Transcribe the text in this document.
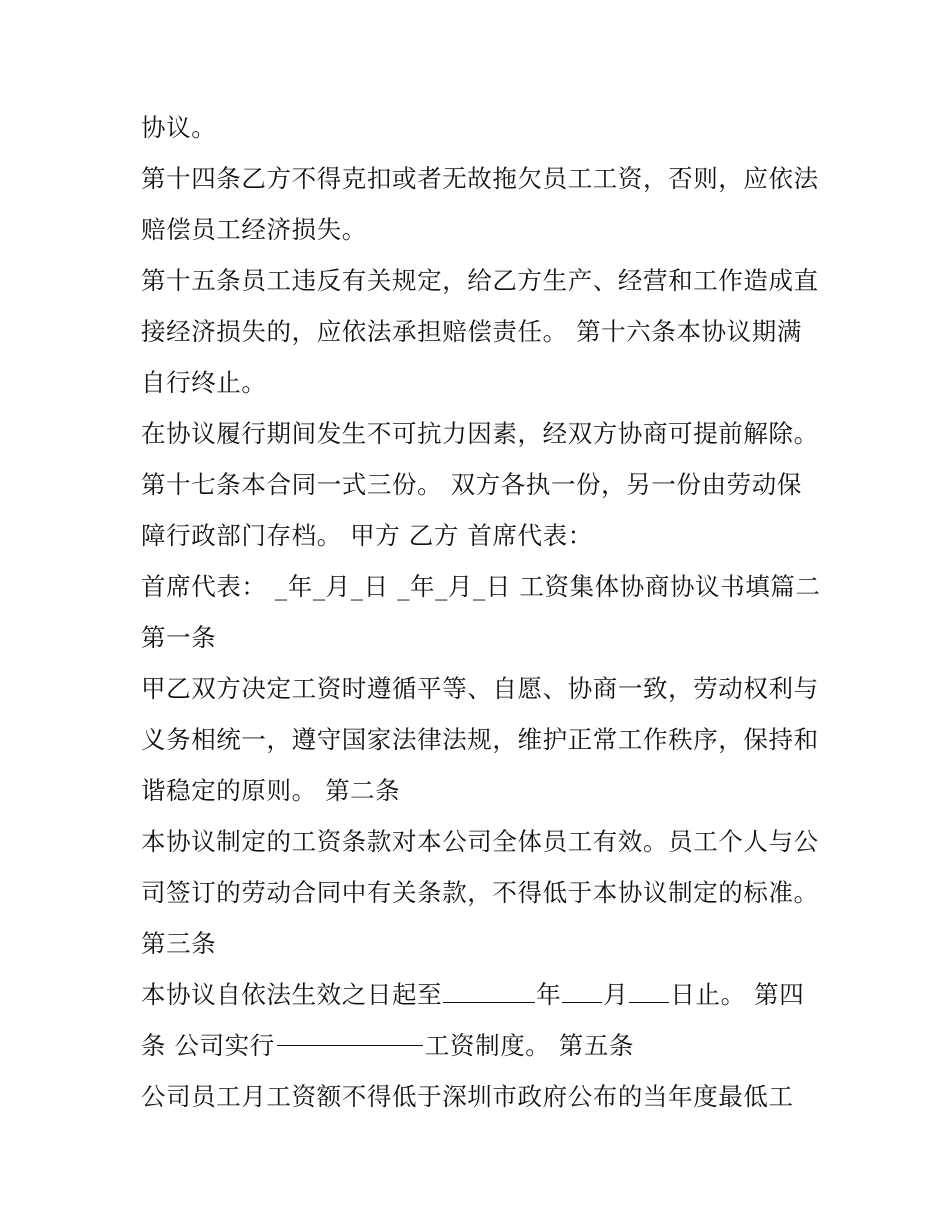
协议。
第十四条乙方不得克扣或者无故拖欠员工工资，否则，应依法
赔偿员工经济损失。
第十五条员工违反有关规定，给乙方生产、经营和工作造成直
接经济损失的，应依法承担赔偿责任。 第十六条本协议期满
自行终止。
在协议履行期间发生不可抗力因素，经双方协商可提前解除。
第十七条本合同一式三份。 双方各执一份，另一份由劳动保
障行政部门存档。 甲方 乙方 首席代表：
首席代表： _年_月_日 _年_月_日 工资集体协商协议书填篇二
第一条
甲乙双方决定工资时遵循平等、自愿、协商一致，劳动权利与
义务相统一，遵守国家法律法规，维护正常工作秩序，保持和
谐稳定的原则。 第二条
本协议制定的工资条款对本公司全体员工有效。员工个人与公
司签订的劳动合同中有关条款，不得低于本协议制定的标准。
第三条
本协议自依法生效之日起至	年 月 日止。 第四
条 公司实行	工资制度。 第五条
公司员工月工资额不得低于深圳市政府公布的当年度最低工
